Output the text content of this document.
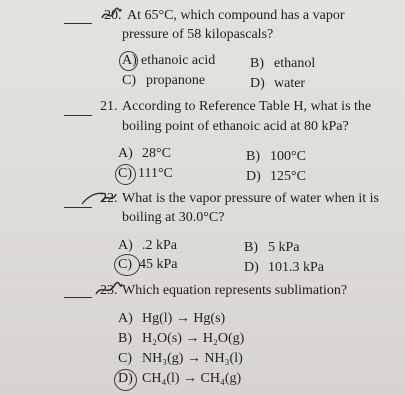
20. At 65°C, which compound has a vapor
pressure of 58 kilopascals?
A) ethanoic acid B) ethanol
C) propanone	D) water
21. According to Reference Table H, what is the
boiling point of ethanoic acid at 80 kPa?
A) 28°C	B) 100°C
C) 111°C	D) 125°C
22. What is the vapor pressure of water when it is
boiling at 30.0°C?
A) .2 kPa	B) 5 kPa
C) 45 kPa	D) 101.3 kPa
23. Which equation represents sublimation?
A) Hg(l) → Hg(s)
B) H₂O(s) → H₂O(g)
C) NH₃(g) → NH₃(l)
D) CH₄(l) → CH₄(g)
